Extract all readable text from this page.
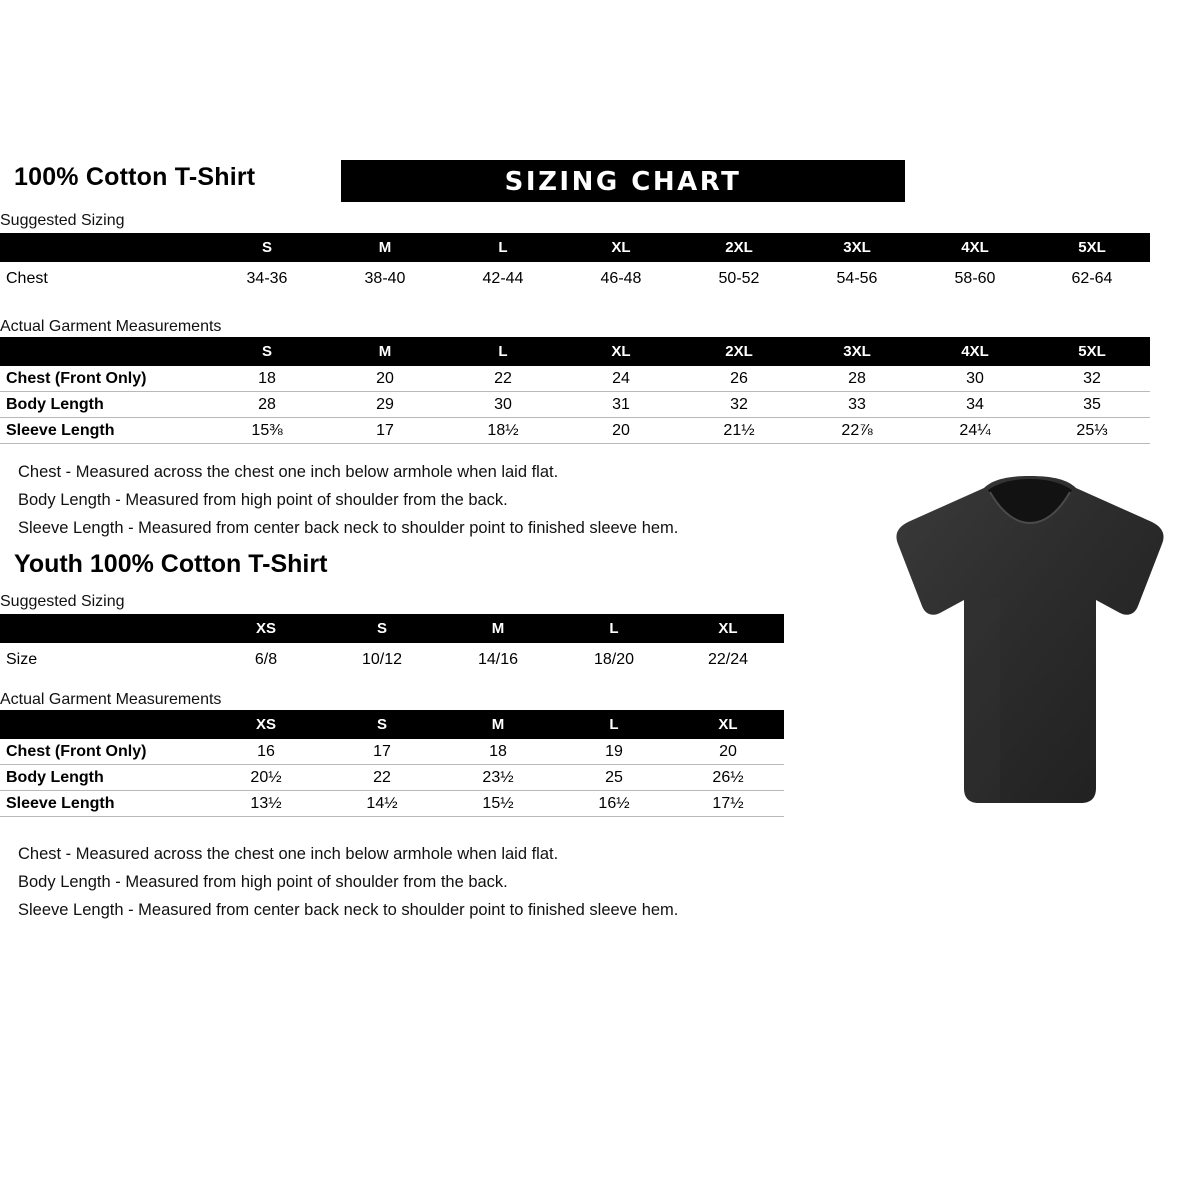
100% Cotton T-Shirt	SIZING CHART
Suggested Sizing
	S	M	L	XL	2XL	3XL	4XL	5XL
Chest	34-36	38-40	42-44	46-48	50-52	54-56	58-60	62-64
Actual Garment Measurements
	S	M	L	XL	2XL	3XL	4XL	5XL
Chest (Front Only)	18	20	22	24	26	28	30	32
Body Length	28	29	30	31	32	33	34	35
Sleeve Length	15⅜	17	18½	20	21½	22⅞	24¼	25⅓
Chest - Measured across the chest one inch below armhole when laid flat.
Body Length - Measured from high point of shoulder from the back.
Sleeve Length - Measured from center back neck to shoulder point to finished sleeve hem.
Youth 100% Cotton T-Shirt
Suggested Sizing
	XS	S	M	L	XL
Size	6/8	10/12	14/16	18/20	22/24
Actual Garment Measurements
	XS	S	M	L	XL
Chest (Front Only)	16	17	18	19	20
Body Length	20½	22	23½	25	26½
Sleeve Length	13½	14½	15½	16½	17½
Chest - Measured across the chest one inch below armhole when laid flat.
Body Length - Measured from high point of shoulder from the back.
Sleeve Length - Measured from center back neck to shoulder point to finished sleeve hem.
